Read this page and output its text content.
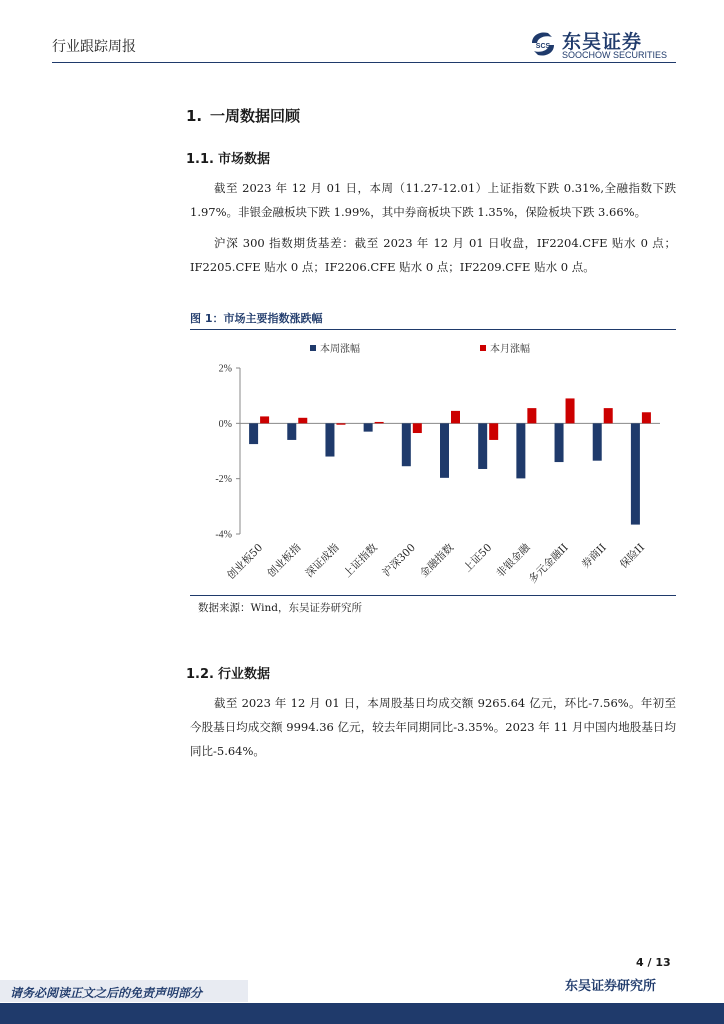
行业跟踪周报	SCS 东吴证券
SOOCHOW SECURITIES
1. 一周数据回顾
1.1. 市场数据

截至 2023 年 12 月 01 日，本周（11.27-12.01）上证指数下跌 0.31%,全融指数下跌 1.97%。非银金融板块下跌 1.99%，其中券商板块下跌 1.35%，保险板块下跌 3.66%。

沪深 300 指数期货基差：截至 2023 年 12 月 01 日收盘，IF2204.CFE 贴水 0 点；IF2205.CFE 贴水 0 点；IF2206.CFE 贴水 0 点；IF2209.CFE 贴水 0 点。

图 1：市场主要指数涨跌幅
2%
0%
-2%
-4%
创业板50 创业板指 深证成指 上证指数 沪深300 金融指数 上证50 非银金融
多元金融II 券商II 保险II
本周涨幅	本月涨幅
数据来源：Wind，东吴证券研究所
1.2. 行业数据

截至 2023 年 12 月 01 日，本周股基日均成交额 9265.64 亿元，环比-7.56%。年初至今股基日均成交额 9994.36 亿元，较去年同期同比-3.35%。2023 年 11 月中国内地股基日均同比-5.64%。

4 / 13
东吴证券研究所
请务必阅读正文之后的免责声明部分
